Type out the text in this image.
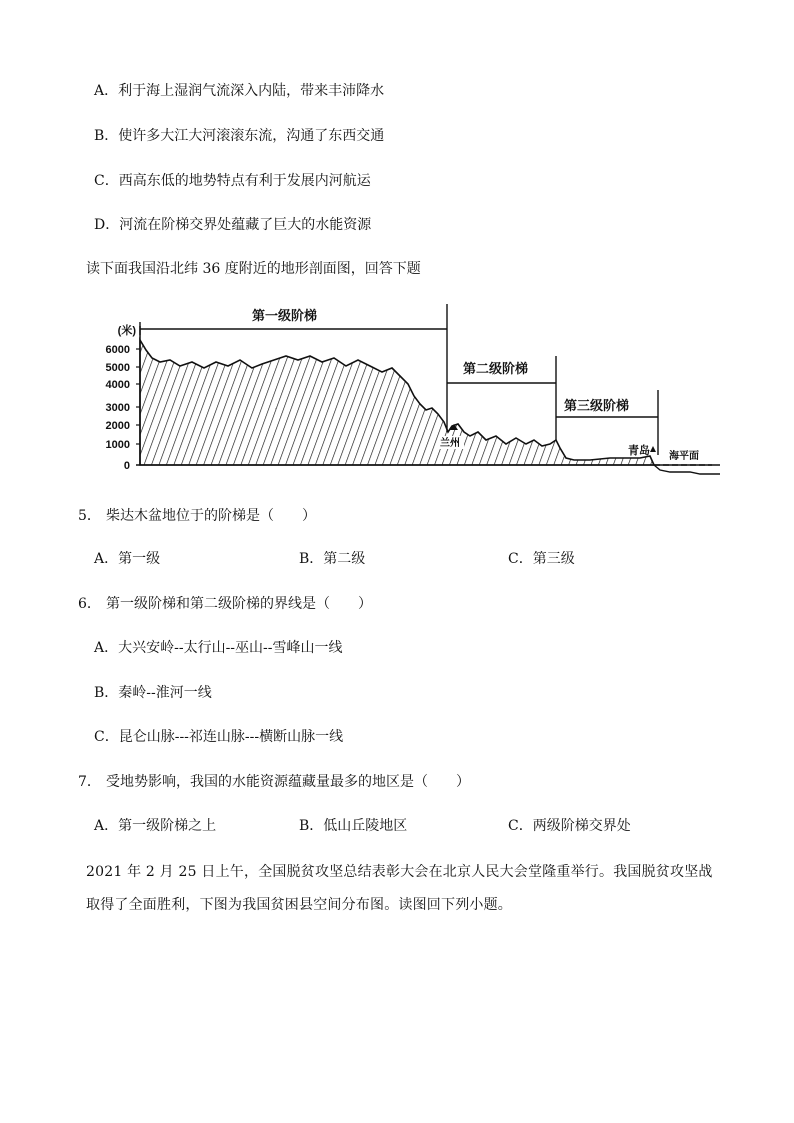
A．利于海上湿润气流深入内陆，带来丰沛降水
B．使许多大江大河滚滚东流，沟通了东西交通
C．西高东低的地势特点有利于发展内河航运
D．河流在阶梯交界处蕴藏了巨大的水能资源
读下面我国沿北纬 36 度附近的地形剖面图，回答下题
(米)
6000
5000
4000
3000
2000
1000
0
兰州
第一级阶梯
第二级阶梯
第三级阶梯
青岛 海平面
5． 柴达木盆地位于的阶梯是（　　）
A．第一级	B．第二级	C．第三级
6． 第一级阶梯和第二级阶梯的界线是（　　）
A．大兴安岭--太行山--巫山--雪峰山一线
B．秦岭--淮河一线
C．昆仑山脉---祁连山脉---横断山脉一线
7． 受地势影响，我国的水能资源蕴藏量最多的地区是（　　）
A．第一级阶梯之上	B．低山丘陵地区	C．两级阶梯交界处
2021 年 2 月 25 日上午，全国脱贫攻坚总结表彰大会在北京人民大会堂隆重举行。我国脱贫攻坚战取得了全面胜利，下图为我国贫困县空间分布图。读图回下列小题。
